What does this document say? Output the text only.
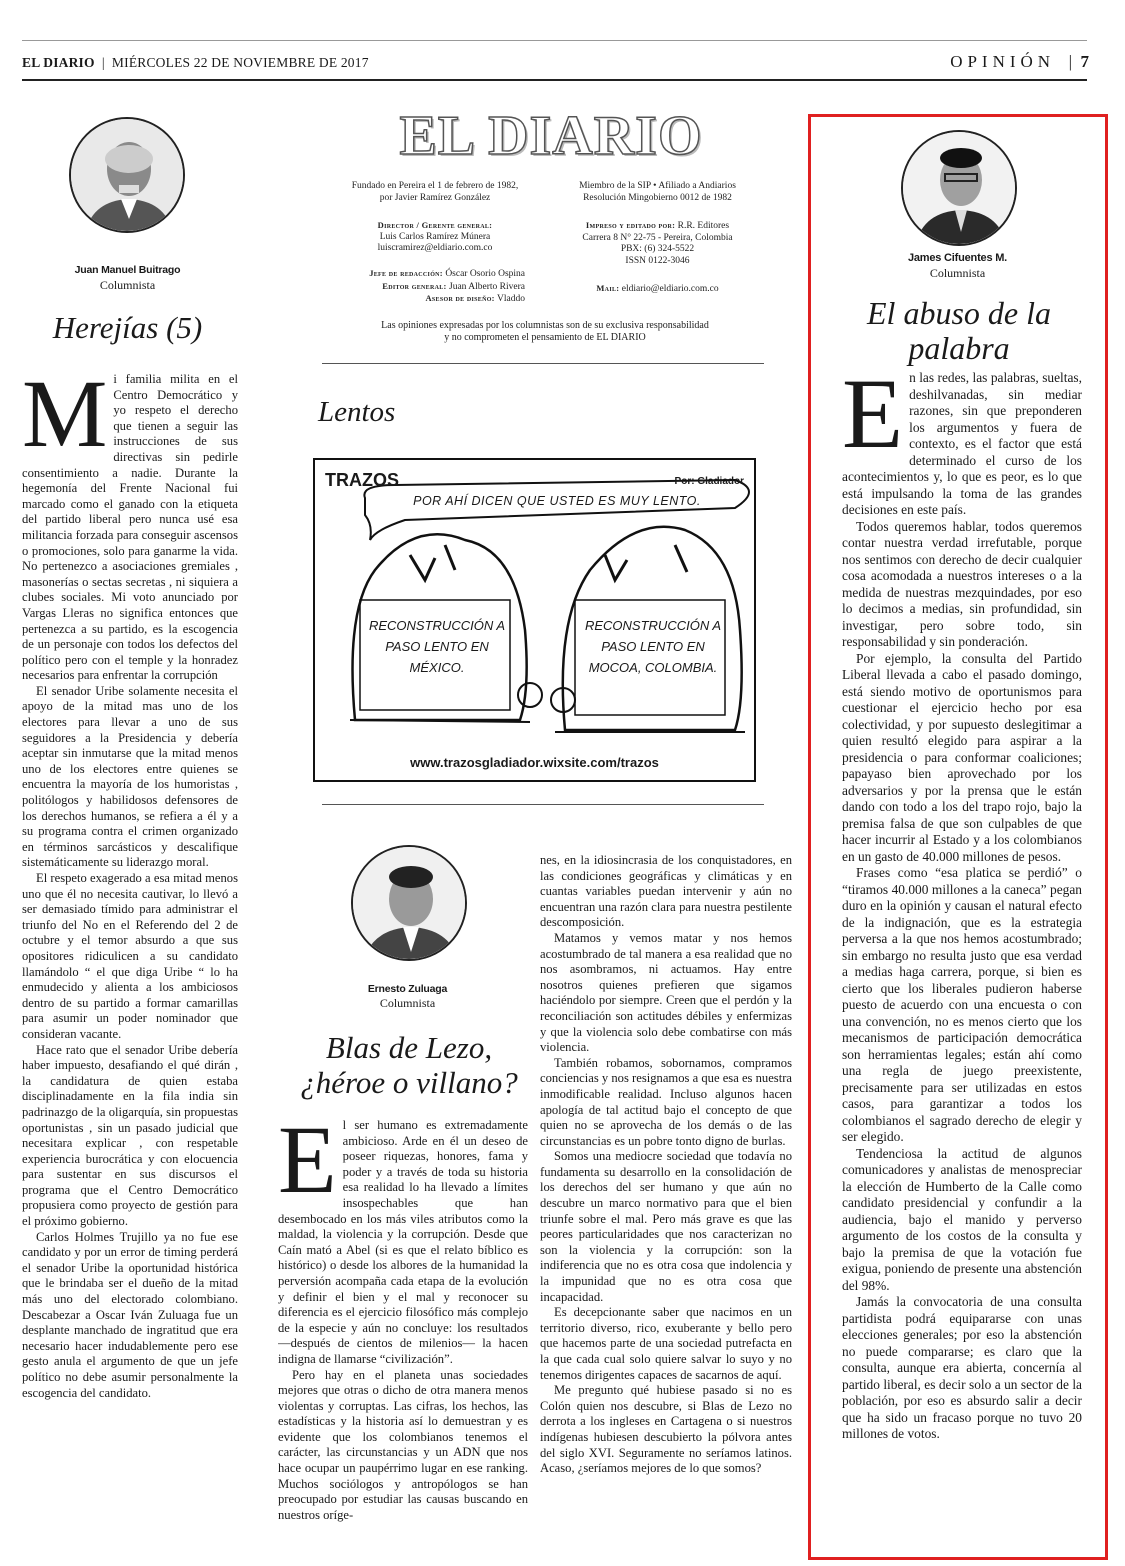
EL DIARIO  |  MIÉRCOLES 22 DE NOVIEMBRE DE 2017	OPINIÓN  |  7
Juan Manuel Buitrago
Columnista
Herejías (5)
M i familia milita en el Centro Democrático y yo respeto el derecho que tienen a seguir las instrucciones de sus directivas sin pedirle consentimiento a nadie. Durante la hegemonía del Frente Nacional fui marcado como el ganado con la etiqueta del partido liberal pero nunca usé esa militancia forzada para conseguir ascensos o promociones, solo para ganarme la vida. No pertenezco a asociaciones gremiales , masonerías o sectas secretas , ni siquiera a clubes sociales. Mi voto anunciado por Vargas Lleras no significa entonces que pertenezca a su partido, es la escogencia de un personaje con todos los defectos del político pero con el temple y la honradez necesarios para enfrentar la corrupción

El senador Uribe solamente necesita el apoyo de la mitad mas uno de los electores para llevar a uno de sus seguidores a la Presidencia y debería aceptar sin inmutarse que la mitad menos uno de los electores entre quienes se encuentra la mayoría de los humoristas , politólogos y habilidosos defensores de los derechos humanos, se refiera a él y a su programa contra el crimen organizado en términos sarcásticos y descalifique sistemáticamente su liderazgo moral.

El respeto exagerado a esa mitad menos uno que él no necesita cautivar, lo llevó a ser demasiado tímido para administrar el triunfo del No en el Referendo del 2 de octubre y el temor absurdo a que sus opositores ridiculicen a su candidato llamándolo “ el que diga Uribe “ lo ha enmudecido y alienta a los ambiciosos dentro de su partido a formar camarillas para asumir un poder nominador que consideran vacante.

Hace rato que el senador Uribe debería haber impuesto, desafiando el qué dirán , la candidatura de quien estaba disciplinadamente en la fila india sin padrinazgo de la oligarquía, sin propuestas oportunistas , sin un pasado judicial que necesitara explicar , con respetable experiencia burocrática y con elocuencia para sustentar en sus discursos el programa que el Centro Democrático propusiera como proyecto de gestión para el próximo gobierno.

Carlos Holmes Trujillo ya no fue ese candidato y por un error de timing perderá el senador Uribe la oportunidad histórica que le brindaba ser el dueño de la mitad más uno del electorado colombiano. Descabezar a Oscar Iván Zuluaga fue un desplante manchado de ingratitud que era necesario hacer indudablemente pero ese gesto anula el argumento de que un jefe político no debe asumir personalmente la escogencia del candidato.

EL DIARIO
Fundado en Pereira el 1 de febrero de 1982,
por Javier Ramírez González
Miembro de la SIP • Afiliado a Andiarios
Resolución Mingobierno 0012 de 1982
Director / Gerente general:
Luis Carlos Ramírez Múnera
luiscramirez@eldiario.com.co
Impreso y editado por: R.R. Editores
Carrera 8 N° 22-75 - Pereira, Colombia
PBX: (6) 324-5522
ISSN 0122-3046
Jefe de redacción: Óscar Osorio Ospina
Editor general: Juan Alberto Rivera
Asesor de diseño: Vladdo
Mail: eldiario@eldiario.com.co
Las opiniones expresadas por los columnistas son de su exclusiva responsabilidad
y no comprometen el pensamiento de EL DIARIO
Lentos
TRAZOS	Por: Gladiador
POR AHÍ DICEN QUE USTED ES MUY LENTO.
RECONSTRUCCIÓN A PASO LENTO EN MÉXICO.
RECONSTRUCCIÓN A PASO LENTO EN MOCOA, COLOMBIA.
www.trazosgladiador.wixsite.com/trazos
Ernesto Zuluaga
Columnista
Blas de Lezo,
¿héroe o villano?
E l ser humano es extremadamente ambicioso. Arde en él un deseo de poseer riquezas, honores, fama y poder y a través de toda su historia esa realidad lo ha llevado a límites insospechables que han desembocado en los más viles atributos como la maldad, la violencia y la corrupción. Desde que Caín mató a Abel (si es que el relato bíblico es histórico) o desde los albores de la humanidad la perversión acompaña cada etapa de la evolución y definir el bien y el mal y reconocer su diferencia es el ejercicio filosófico más complejo de la especie y aún no concluye: los resultados —después de cientos de milenios— la hacen indigna de llamarse “civilización”.

Pero hay en el planeta unas sociedades mejores que otras o dicho de otra manera menos violentas y corruptas. Las cifras, los hechos, las estadísticas y la historia así lo demuestran y es evidente que los colombianos tenemos el carácter, las circunstancias y un ADN que nos hace ocupar un paupérrimo lugar en ese ranking. Muchos sociólogos y antropólogos se han preocupado por estudiar las causas buscando en nuestros oríge-

nes, en la idiosincrasia de los conquistadores, en las condiciones geográficas y climáticas y en cuantas variables puedan intervenir y aún no encuentran una razón clara para nuestra pestilente descomposición.

Matamos y vemos matar y nos hemos acostumbrado de tal manera a esa realidad que no nos asombramos, ni actuamos. Hay entre nosotros quienes prefieren que sigamos haciéndolo por siempre. Creen que el perdón y la reconciliación son actitudes débiles y enfermizas y que la violencia solo debe combatirse con más violencia.

También robamos, sobornamos, compramos conciencias y nos resignamos a que esa es nuestra inmodificable realidad. Incluso algunos hacen apología de tal actitud bajo el concepto de que quien no se aprovecha de los demás o de las circunstancias es un pobre tonto digno de burlas.

Somos una mediocre sociedad que todavía no fundamenta su desarrollo en la consolidación de los derechos del ser humano y que aún no descubre un marco normativo para que el bien triunfe sobre el mal. Pero más grave es que las peores particularidades que nos caracterizan no son la violencia y la corrupción: son la indiferencia que no es otra cosa que indolencia y la impunidad que no es otra cosa que incapacidad.

Es decepcionante saber que nacimos en un territorio diverso, rico, exuberante y bello pero que hacemos parte de una sociedad putrefacta en la que cada cual solo quiere salvar lo suyo y no tenemos dirigentes capaces de sacarnos de aquí.

Me pregunto qué hubiese pasado si no es Colón quien nos descubre, si Blas de Lezo no derrota a los ingleses en Cartagena o si nuestros indígenas hubiesen descubierto la pólvora antes del siglo XVI. Seguramente no seríamos latinos. Acaso, ¿seríamos mejores de lo que somos?

James Cifuentes M.
Columnista
El abuso de la
palabra
E n las redes, las palabras, sueltas, deshilvanadas, sin mediar razones, sin que preponderen los argumentos y fuera de contexto, es el factor que está determinado el curso de los acontecimientos y, lo que es peor, es lo que está impulsando la toma de las grandes decisiones en este país.

Todos queremos hablar, todos queremos contar nuestra verdad irrefutable, porque nos sentimos con derecho de decir cualquier cosa acomodada a nuestros intereses o a la medida de nuestras mezquindades, por eso lo decimos a medias, sin profundidad, sin investigar, pero sobre todo, sin responsabilidad y sin ponderación.

Por ejemplo, la consulta del Partido Liberal llevada a cabo el pasado domingo, está siendo motivo de oportunismos para cuestionar el ejercicio hecho por esa colectividad, y por supuesto deslegitimar a quien resultó elegido para aspirar a la presidencia o para conformar coaliciones; papayaso bien aprovechado por los adversarios y por la prensa que le están dando con todo a los del trapo rojo, bajo la premisa falsa de que son culpables de que hacer incurrir al Estado y a los colombianos en un gasto de 40.000 millones de pesos.

Frases como “esa platica se perdió” o “tiramos 40.000 millones a la caneca” pegan duro en la opinión y causan el natural efecto de la indignación, que es la estrategia perversa a la que nos hemos acostumbrado; sin embargo no resulta justo que esa verdad a medias haga carrera, porque, si bien es cierto que los liberales pudieron haberse puesto de acuerdo con una encuesta o con una convención, no es menos cierto que los mecanismos de participación democrática son herramientas legales; están ahí como una regla de juego preexistente, precisamente para ser utilizadas en estos casos, para garantizar a todos los colombianos el sagrado derecho de elegir y ser elegido.

Tendenciosa la actitud de algunos comunicadores y analistas de menospreciar la elección de Humberto de la Calle como candidato presidencial y confundir a la audiencia, bajo el manido y perverso argumento de los costos de la consulta y bajo la premisa de que la votación fue exigua, poniendo de presente una abstención del 98%.

Jamás la convocatoria de una consulta partidista podrá equipararse con unas elecciones generales; por eso la abstención no puede compararse; es claro que la consulta, aunque era abierta, concernía al partido liberal, es decir solo a un sector de la población, por eso es absurdo salir a decir que ha sido un fracaso porque no tuvo 20 millones de votos.
